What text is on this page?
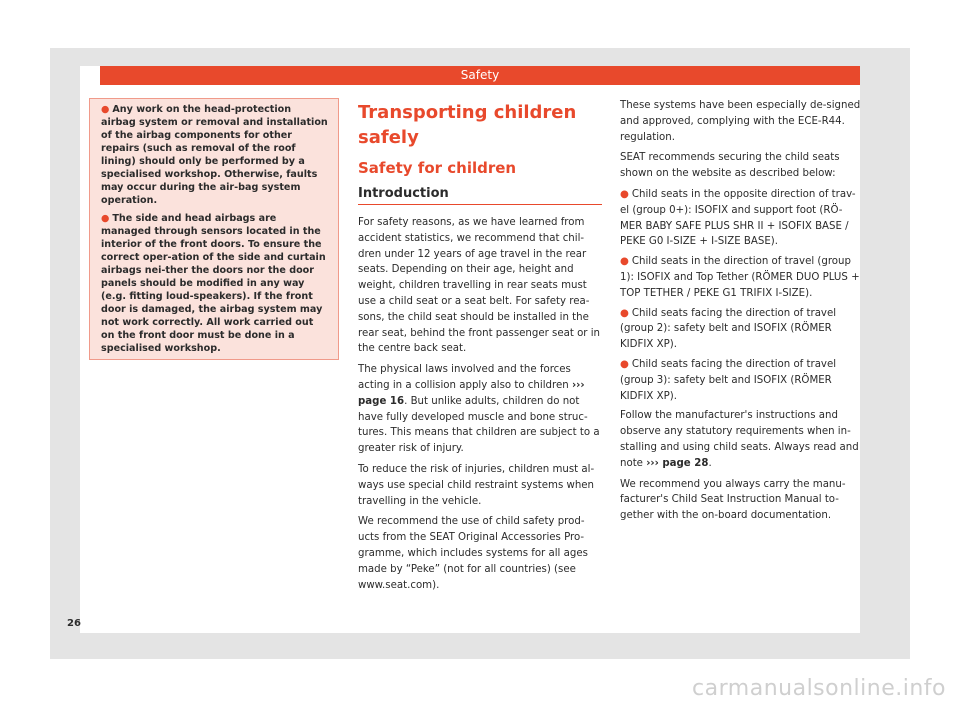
Safety

● Any work on the head-protection airbag system or removal and installation of the airbag components for other repairs (such as removal of the roof lining) should only be performed by a specialised workshop. Otherwise, faults may occur during the air-bag system operation.

● The side and head airbags are managed through sensors located in the interior of the front doors. To ensure the correct oper-ation of the side and curtain airbags nei-ther the doors nor the door panels should be modified in any way (e.g. fitting loud-speakers). If the front door is damaged, the airbag system may not work correctly. All work carried out on the front door must be done in a specialised workshop.

Transporting children safely
Safety for children
Introduction

For safety reasons, as we have learned from accident statistics, we recommend that chil-dren under 12 years of age travel in the rear seats. Depending on their age, height and weight, children travelling in rear seats must use a child seat or a seat belt. For safety rea-sons, the child seat should be installed in the rear seat, behind the front passenger seat or in the centre back seat.

The physical laws involved and the forces acting in a collision apply also to children ››› page 16. But unlike adults, children do not have fully developed muscle and bone struc-tures. This means that children are subject to a greater risk of injury.

To reduce the risk of injuries, children must al-ways use special child restraint systems when travelling in the vehicle.

We recommend the use of child safety prod-ucts from the SEAT Original Accessories Pro-gramme, which includes systems for all ages made by “Peke” (not for all countries) (see www.seat.com).

These systems have been especially de-signed and approved, complying with the ECE-R44. regulation.

SEAT recommends securing the child seats shown on the website as described below:

● Child seats in the opposite direction of trav-el (group 0+): ISOFIX and support foot (RÖ-MER BABY SAFE PLUS SHR II + ISOFIX BASE / PEKE G0 I-SIZE + I-SIZE BASE).

● Child seats in the direction of travel (group 1): ISOFIX and Top Tether (RÖMER DUO PLUS + TOP TETHER / PEKE G1 TRIFIX I-SIZE).

● Child seats facing the direction of travel (group 2): safety belt and ISOFIX (RÖMER KIDFIX XP).

● Child seats facing the direction of travel (group 3): safety belt and ISOFIX (RÖMER KIDFIX XP).

Follow the manufacturer's instructions and observe any statutory requirements when in-stalling and using child seats. Always read and note ››› page 28.

We recommend you always carry the manu-facturer's Child Seat Instruction Manual to-gether with the on-board documentation.

26
carmanualsonline.info
